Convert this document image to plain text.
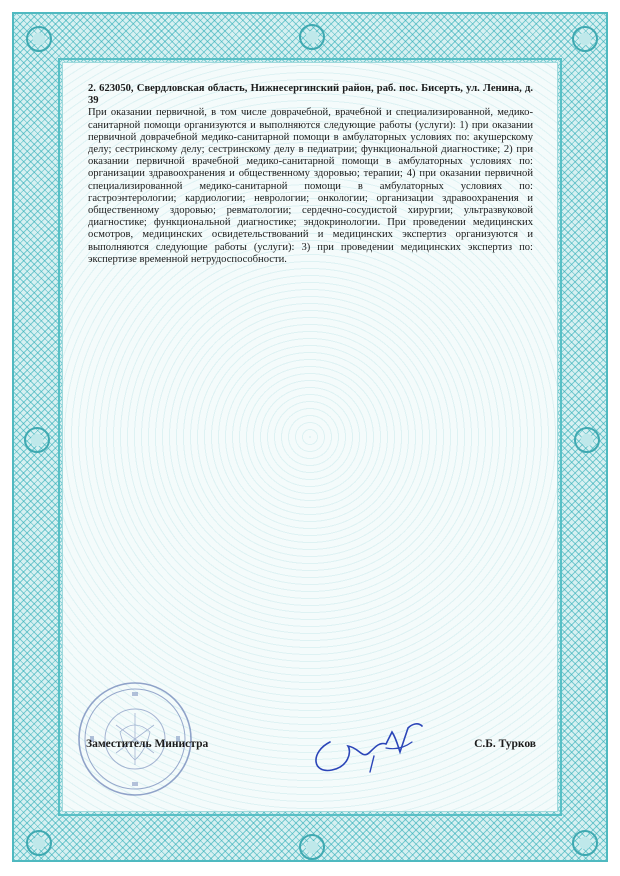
2. 623050, Свердловская область, Нижнесергинский район, раб. пос. Бисерть, ул. Ленина, д. 39
При оказании первичной, в том числе доврачебной, врачебной и специализированной, медико-санитарной помощи организуются и выполняются следующие работы (услуги): 1) при оказании первичной доврачебной медико-санитарной помощи в амбулаторных условиях по: акушерскому делу; сестринскому делу; сестринскому делу в педиатрии; функциональной диагностике; 2) при оказании первичной врачебной медико-санитарной помощи в амбулаторных условиях по: организации здравоохранения и общественному здоровью; терапии; 4) при оказании первичной специализированной медико-санитарной помощи в амбулаторных условиях по: гастроэнтерологии; кардиологии; неврологии; онкологии; организации здравоохранения и общественному здоровью; ревматологии; сердечно-сосудистой хирургии; ультразвуковой диагностике; функциональной диагностике; эндокринологии. При проведении медицинских осмотров, медицинских освидетельствований и медицинских экспертиз организуются и выполняются следующие работы (услуги): 3) при проведении медицинских экспертиз по: экспертизе временной нетрудоспособности.
Заместитель Министра	С.Б. Турков
